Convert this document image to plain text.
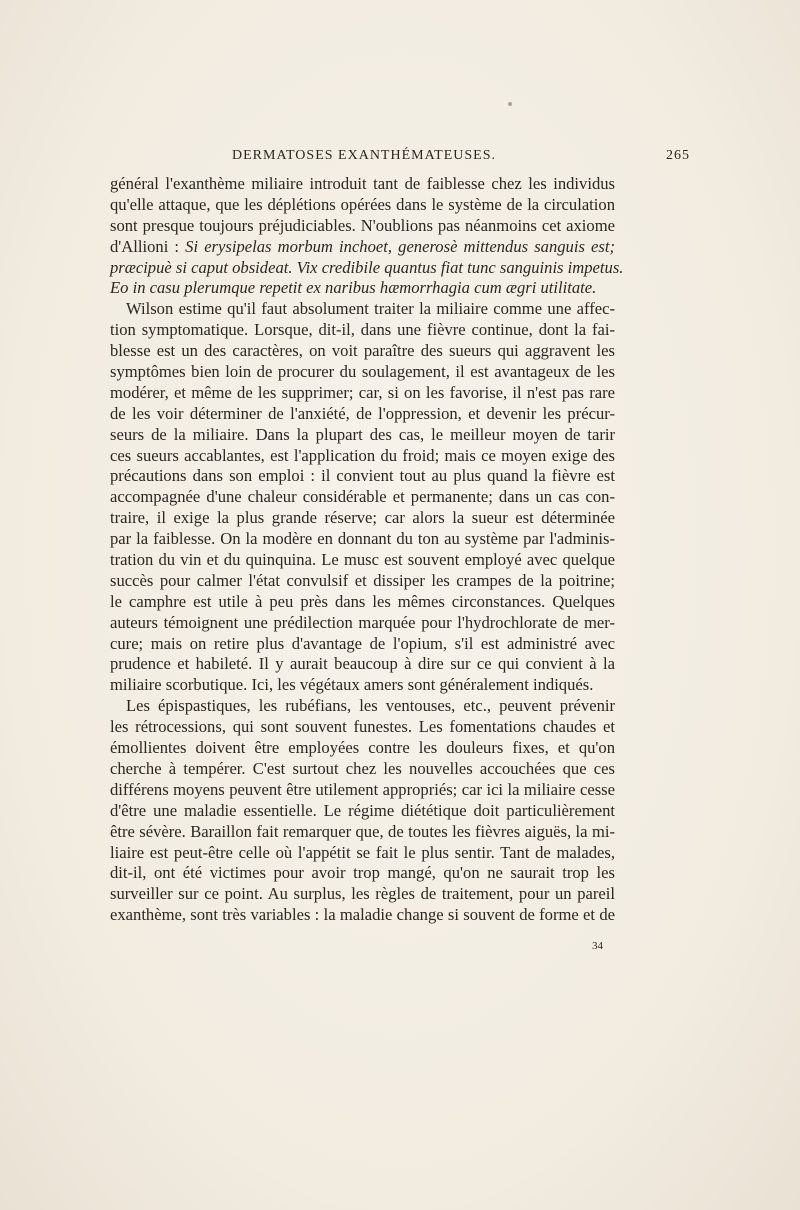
DERMATOSES EXANTHÉMATEUSES.	265
général l'exanthème miliaire introduit tant de faiblesse chez les individus
qu'elle attaque, que les déplétions opérées dans le système de la circulation
sont presque toujours préjudiciables. N'oublions pas néanmoins cet axiome
d'Allioni : Si erysipelas morbum inchoet, generosè mittendus sanguis est;
præcipuè si caput obsideat. Vix credibile quantus fiat tunc sanguinis impetus.
Eo in casu plerumque repetit ex naribus hæmorrhagia cum ægri utilitate.
Wilson estime qu'il faut absolument traiter la miliaire comme une affec-
tion symptomatique. Lorsque, dit-il, dans une fièvre continue, dont la fai-
blesse est un des caractères, on voit paraître des sueurs qui aggravent les
symptômes bien loin de procurer du soulagement, il est avantageux de les
modérer, et même de les supprimer; car, si on les favorise, il n'est pas rare
de les voir déterminer de l'anxiété, de l'oppression, et devenir les précur-
seurs de la miliaire. Dans la plupart des cas, le meilleur moyen de tarir
ces sueurs accablantes, est l'application du froid; mais ce moyen exige des
précautions dans son emploi : il convient tout au plus quand la fièvre est
accompagnée d'une chaleur considérable et permanente; dans un cas con-
traire, il exige la plus grande réserve; car alors la sueur est déterminée
par la faiblesse. On la modère en donnant du ton au système par l'adminis-
tration du vin et du quinquina. Le musc est souvent employé avec quelque
succès pour calmer l'état convulsif et dissiper les crampes de la poitrine;
le camphre est utile à peu près dans les mêmes circonstances. Quelques
auteurs témoignent une prédilection marquée pour l'hydrochlorate de mer-
cure; mais on retire plus d'avantage de l'opium, s'il est administré avec
prudence et habileté. Il y aurait beaucoup à dire sur ce qui convient à la
miliaire scorbutique. Ici, les végétaux amers sont généralement indiqués.
Les épispastiques, les rubéfians, les ventouses, etc., peuvent prévenir
les rétrocessions, qui sont souvent funestes. Les fomentations chaudes et
émollientes doivent être employées contre les douleurs fixes, et qu'on
cherche à tempérer. C'est surtout chez les nouvelles accouchées que ces
différens moyens peuvent être utilement appropriés; car ici la miliaire cesse
d'être une maladie essentielle. Le régime diététique doit particulièrement
être sévère. Baraillon fait remarquer que, de toutes les fièvres aiguës, la mi-
liaire est peut-être celle où l'appétit se fait le plus sentir. Tant de malades,
dit-il, ont été victimes pour avoir trop mangé, qu'on ne saurait trop les
surveiller sur ce point. Au surplus, les règles de traitement, pour un pareil
exanthème, sont très variables : la maladie change si souvent de forme et de
34
